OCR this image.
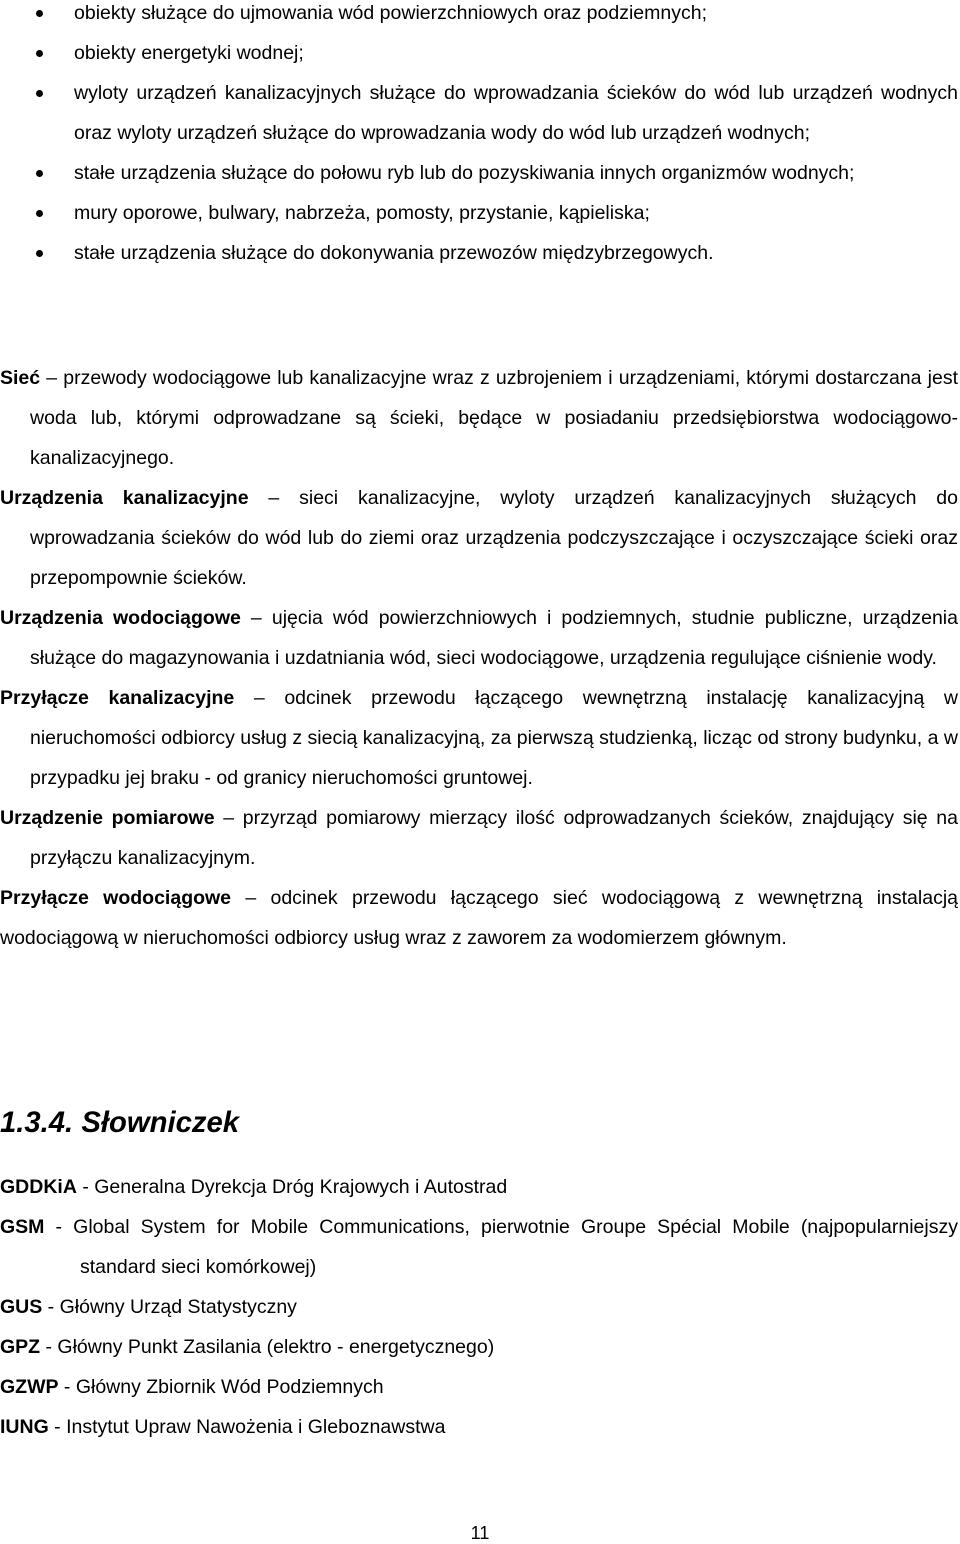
obiekty służące do ujmowania wód powierzchniowych oraz podziemnych;
obiekty energetyki wodnej;
wyloty urządzeń kanalizacyjnych służące do wprowadzania ścieków do wód lub urządzeń wodnych oraz wyloty urządzeń służące do wprowadzania wody do wód lub urządzeń wodnych;
stałe urządzenia służące do połowu ryb lub do pozyskiwania innych organizmów wodnych;
mury oporowe, bulwary, nabrzeża, pomosty, przystanie, kąpieliska;
stałe urządzenia służące do dokonywania przewozów międzybrzegowych.

Sieć – przewody wodociągowe lub kanalizacyjne wraz z uzbrojeniem i urządzeniami, którymi dostarczana jest woda lub, którymi odprowadzane są ścieki, będące w posiadaniu przedsiębiorstwa wodociągowo-kanalizacyjnego.

Urządzenia kanalizacyjne – sieci kanalizacyjne, wyloty urządzeń kanalizacyjnych służących do wprowadzania ścieków do wód lub do ziemi oraz urządzenia podczyszczające i oczyszczające ścieki oraz przepompownie ścieków.

Urządzenia wodociągowe – ujęcia wód powierzchniowych i podziemnych, studnie publiczne, urządzenia służące do magazynowania i uzdatniania wód, sieci wodociągowe, urządzenia regulujące ciśnienie wody.

Przyłącze kanalizacyjne – odcinek przewodu łączącego wewnętrzną instalację kanalizacyjną w nieruchomości odbiorcy usług z siecią kanalizacyjną, za pierwszą studzienką, licząc od strony budynku, a w przypadku jej braku - od granicy nieruchomości gruntowej.

Urządzenie pomiarowe – przyrząd pomiarowy mierzący ilość odprowadzanych ścieków, znajdujący się na przyłączu kanalizacyjnym.

Przyłącze wodociągowe – odcinek przewodu łączącego sieć wodociągową z wewnętrzną instalacją wodociągową w nieruchomości odbiorcy usług wraz z zaworem za wodomierzem głównym.

1.3.4. Słowniczek

GDDKiA - Generalna Dyrekcja Dróg Krajowych i Autostrad

GSM - Global System for Mobile Communications, pierwotnie Groupe Spécial Mobile (najpopularniejszy standard sieci komórkowej)

GUS - Główny Urząd Statystyczny

GPZ - Główny Punkt Zasilania (elektro - energetycznego)

GZWP - Główny Zbiornik Wód Podziemnych

IUNG - Instytut Upraw Nawożenia i Gleboznawstwa

11
